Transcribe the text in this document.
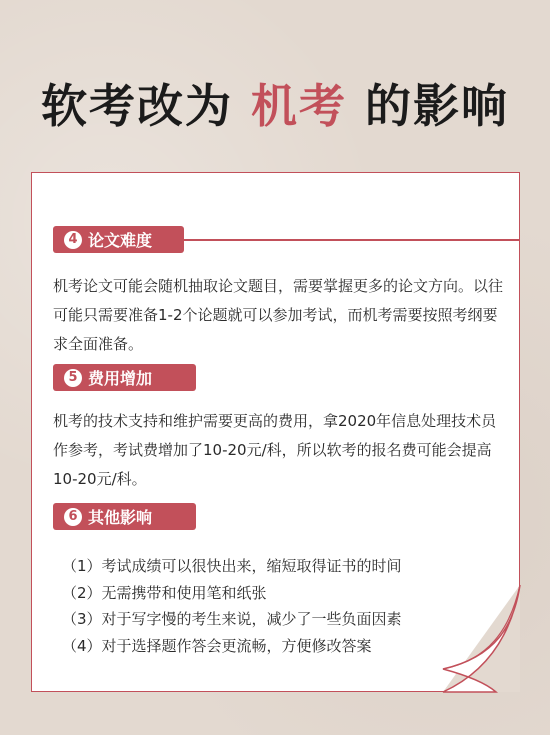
软考改为 机考 的影响
4 论文难度

机考论文可能会随机抽取论文题目，需要掌握更多的论文方向。以往可能只需要准备1-2个论题就可以参加考试，而机考需要按照考纲要求全面准备。

5 费用增加

机考的技术支持和维护需要更高的费用，拿2020年信息处理技术员作参考，考试费增加了10-20元/科，所以软考的报名费可能会提高10-20元/科。

6 其他影响
（1）考试成绩可以很快出来，缩短取得证书的时间
（2）无需携带和使用笔和纸张
（3）对于写字慢的考生来说，减少了一些负面因素
（4）对于选择题作答会更流畅，方便修改答案
